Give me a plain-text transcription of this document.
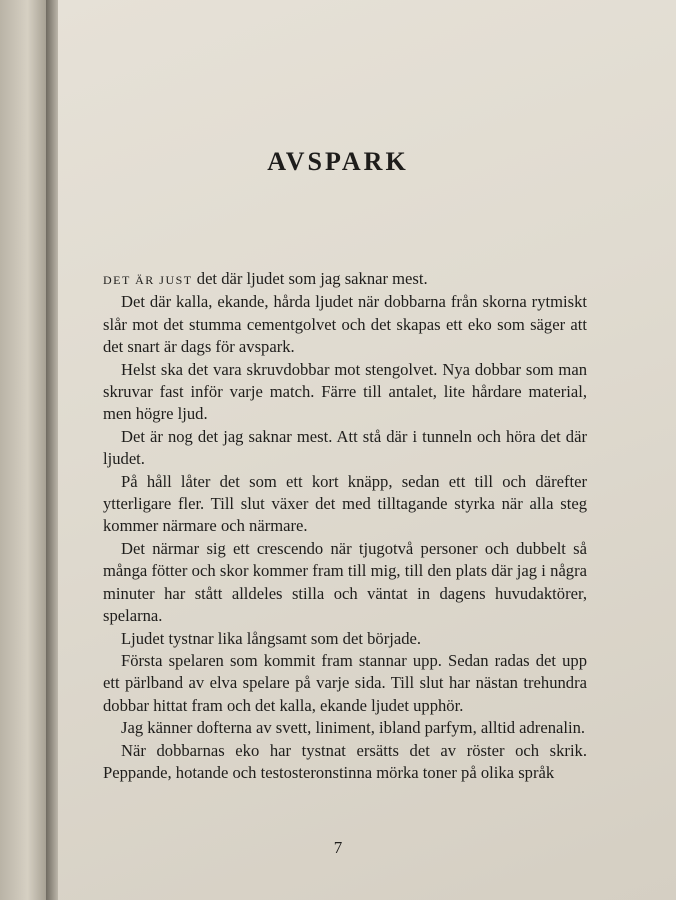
AVSPARK

DET ÄR JUST det där ljudet som jag saknar mest.

Det där kalla, ekande, hårda ljudet när dobbarna från skorna rytmiskt slår mot det stumma cementgolvet och det skapas ett eko som säger att det snart är dags för avspark.

Helst ska det vara skruvdobbar mot stengolvet. Nya dobbar som man skruvar fast inför varje match. Färre till antalet, lite hårdare material, men högre ljud.

Det är nog det jag saknar mest. Att stå där i tunneln och höra det där ljudet.

På håll låter det som ett kort knäpp, sedan ett till och därefter ytterligare fler. Till slut växer det med tilltagande styrka när alla steg kommer närmare och närmare.

Det närmar sig ett crescendo när tjugotvå personer och dubbelt så många fötter och skor kommer fram till mig, till den plats där jag i några minuter har stått alldeles stilla och väntat in dagens huvudaktörer, spelarna.

Ljudet tystnar lika långsamt som det började.

Första spelaren som kommit fram stannar upp. Sedan radas det upp ett pärlband av elva spelare på varje sida. Till slut har nästan trehundra dobbar hittat fram och det kalla, ekande ljudet upphör.

Jag känner dofterna av svett, liniment, ibland parfym, alltid adrenalin.

När dobbarnas eko har tystnat ersätts det av röster och skrik. Peppande, hotande och testosteronstinna mörka toner på olika språk

7
